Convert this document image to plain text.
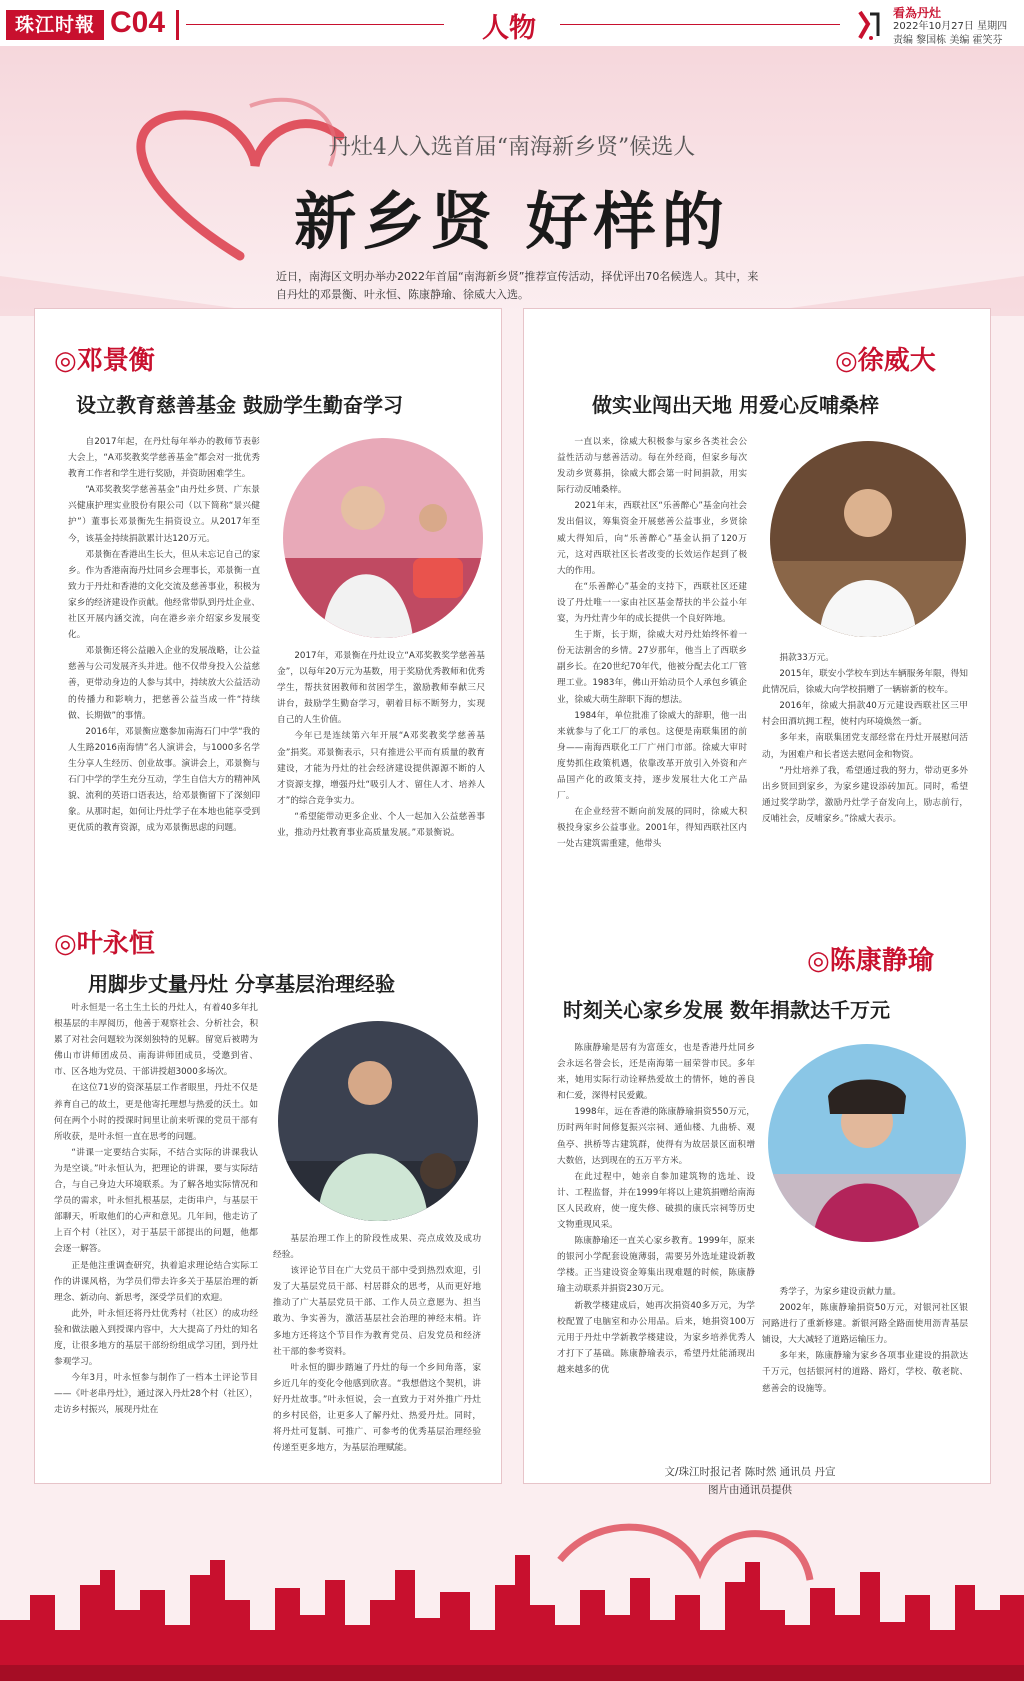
珠江时報 C04	人物	看為丹灶
2022年10月27日 星期四
责编 黎国栋 美编 霍笑芬
丹灶4人入选首届“南海新乡贤”候选人
新乡贤 好样的
近日，南海区文明办举办2022年首届“南海新乡贤”推荐宣传活动，择优评出70名候选人。其中，来自丹灶的邓景衡、叶永恒、陈康静瑜、徐威大入选。
◎邓景衡
设立教育慈善基金 鼓励学生勤奋学习

自2017年起，在丹灶每年举办的教师节表彰大会上，“A邓奖教奖学慈善基金”都会对一批优秀教育工作者和学生进行奖励，并资助困难学生。

“A邓奖教奖学慈善基金”由丹灶乡贤、广东景兴健康护理实业股份有限公司（以下简称“景兴健护”）董事长邓景衡先生捐资设立。从2017年至今，该基金持续捐款累计达120万元。

邓景衡在香港出生长大，但从未忘记自己的家乡。作为香港南海丹灶同乡会理事长，邓景衡一直致力于丹灶和香港的文化交流及慈善事业，积极为家乡的经济建设作贡献。他经常带队到丹灶企业、社区开展内涵交流，向在港乡亲介绍家乡发展变化。

邓景衡还将公益融入企业的发展战略，让公益慈善与公司发展齐头并进。他不仅带身投入公益慈善，更带动身边的人参与其中，持续放大公益活动的传播力和影响力，把慈善公益当成一件“持续做、长期做”的事情。

2016年，邓景衡应邀参加南海石门中学“我的人生路2016南海情”名人演讲会，与1000多名学生分享人生经历、创业故事。演讲会上，邓景衡与石门中学的学生充分互动，学生自信大方的精神风貌、流利的英语口语表达，给邓景衡留下了深刻印象。从那时起，如何让丹灶学子在本地也能享受到更优质的教育资源，成为邓景衡思虑的问题。

2017年，邓景衡在丹灶设立“A邓奖教奖学慈善基金”，以每年20万元为基数，用于奖励优秀教师和优秀学生，帮扶贫困教师和贫困学生，激励教师奉献三尺讲台，鼓励学生勤奋学习，朝着目标不断努力，实现自己的人生价值。

今年已是连续第六年开展“A邓奖教奖学慈善基金”捐奖。邓景衡表示，只有推进公平而有质量的教育建设，才能为丹灶的社会经济建设提供源源不断的人才资源支撑，增强丹灶“吸引人才、留住人才、培养人才”的综合竞争实力。

“希望能带动更多企业、个人一起加入公益慈善事业，推动丹灶教育事业高质量发展。”邓景衡说。

◎徐威大
做实业闯出天地 用爱心反哺桑梓

一直以来，徐威大积极参与家乡各类社会公益性活动与慈善活动。每在外经商，但家乡每次发动乡贤募捐，徐威大都会第一时间捐款，用实际行动反哺桑梓。

2021年末，西联社区“乐善醉心”基金向社会发出倡议，筹集资金开展慈善公益事业，乡贤徐威大得知后，向“乐善醉心”基金认捐了120万元，这对西联社区长者改变的长效运作起到了极大的作用。

在“乐善醉心”基金的支持下，西联社区还建设了丹灶唯一一家由社区基金帮扶的半公益小年宴，为丹灶青少年的成长提供一个良好阵地。

生于斯，长于斯，徐威大对丹灶始终怀着一份无法割舍的乡情。27岁那年，他当上了西联乡副乡长。在20世纪70年代，他被分配去化工厂管理工业。1983年，佛山开始动员个人承包乡镇企业，徐威大萌生辞职下海的想法。

1984年，单位批准了徐威大的辞职，他一出来就参与了化工厂的承包。这便是南联集团的前身——南海西联化工厂广州门市部。徐威大审时度势抓住政策机遇，依靠改革开放引入外资和产品国产化的政策支持，逐步发展壮大化工产品厂。

在企业经营不断向前发展的同时，徐威大积极投身家乡公益事业。2001年，得知西联社区内一处古建筑需重建，他带头

捐款33万元。

2015年，联安小学校车到达车辆服务年限，得知此情况后，徐威大向学校捐赠了一辆崭新的校车。

2016年，徐威大捐款40万元建设西联社区三甲村会田酒坑拥工程，使村内环境焕然一新。

多年来，南联集团党支部经常在丹灶开展慰问活动，为困难户和长者送去慰问金和物资。

“丹灶培养了我，希望通过我的努力，带动更多外出乡贤回到家乡，为家乡建设添砖加瓦。同时，希望通过奖学助学，激励丹灶学子奋发向上，励志前行，反哺社会，反哺家乡。”徐威大表示。

◎叶永恒
用脚步丈量丹灶 分享基层治理经验

叶永恒是一名土生土长的丹灶人，有着40多年扎根基层的丰厚阅历，他善于观察社会、分析社会，积累了对社会问题较为深刻独特的见解。留宽后被聘为佛山市讲师团成员、南海讲师团成员，受邀到省、市、区各地为党员、干部讲授超3000多场次。

在这位71岁的资深基层工作者眼里，丹灶不仅是养育自己的故土，更是他寄托理想与热爱的沃土。如何在两个小时的授课时间里让前来听课的党员干部有所收获，是叶永恒一直在思考的问题。

“讲课一定要结合实际，不结合实际的讲课我认为是空谈。”叶永恒认为，把理论的讲课，要与实际结合，与自己身边大环境联系。为了解各地实际情况和学员的需求，叶永恒扎根基层，走街串户，与基层干部聊天，听取他们的心声和意见。几年间，他走访了上百个村（社区），对于基层干部提出的问题，他都会逐一解答。

正是他注重调查研究，执着追求理论结合实际工作的讲课风格，为学员们带去许多关于基层治理的新理念、新动向、新思考，深受学员们的欢迎。

此外，叶永恒还将丹灶优秀村（社区）的成功经验和做法融入到授课内容中，大大提高了丹灶的知名度，让很多地方的基层干部纷纷组成学习团，到丹灶参观学习。

今年3月，叶永恒参与制作了一档本土评论节目——《叶老串丹灶》，通过深入丹灶28个村（社区），走访乡村振兴，展现丹灶在

基层治理工作上的阶段性成果、亮点成效及成功经验。

该评论节目在广大党员干部中受到热烈欢迎，引发了大基层党员干部、村居群众的思考，从而更好地推动了广大基层党员干部、工作人员立意愿为、担当敢为、争实善为，激活基层社会治理的神经末梢。许多地方还将这个节目作为教育党员、启发党员和经济社干部的参考资料。

叶永恒的脚步踏遍了丹灶的每一个乡间角落，家乡近几年的变化令他感到欣喜。“我想借这个契机，讲好丹灶故事。”叶永恒说，会一直致力于对外推广丹灶的乡村民俗，让更多人了解丹灶、热爱丹灶。同时，将丹灶可复制、可推广、可参考的优秀基层治理经验传递至更多地方，为基层治理赋能。

◎陈康静瑜
时刻关心家乡发展 数年捐款达千万元

陈康静瑜是居有为富莲女，也是香港丹灶同乡会永远名誉会长，还是南海第一届荣誉市民。多年来，她用实际行动诠释热爱故土的情怀，她的善良和仁爱，深得村民爱戴。

1998年，远在香港的陈康静瑜捐资550万元，历时两年时间修复振兴宗祠、通仙楼、九曲桥、观鱼亭、拱桥等古建筑群，使得有为故居景区面积增大数倍，达到现在的五万平方米。

在此过程中，她亲自参加建筑物的选址、设计、工程监督，并在1999年将以上建筑捐赠给南海区人民政府，使一度失修、破损的康氏宗祠等历史文物重现风采。

陈康静瑜还一直关心家乡教育。1999年，原来的银河小学配套设施薄弱，需要另外选址建设新教学楼。正当建设资金筹集出现难题的时候，陈康静瑜主动联系并捐资230万元。

新教学楼建成后，她再次捐资40多万元，为学校配置了电脑室和办公用品。后来，她捐资100万元用于丹灶中学新教学楼建设，为家乡培养优秀人才打下了基础。陈康静瑜表示，希望丹灶能涌现出越来越多的优

秀学子，为家乡建设贡献力量。

2002年，陈康静瑜捐资50万元，对银河社区银河路进行了重新修建。新银河路全路面使用沥青基层铺设，大大减轻了道路运输压力。

多年来，陈康静瑜为家乡各项事业建设的捐款达千万元，包括银河村的道路、路灯，学校、敬老院、慈善会的设施等。

文/珠江时报记者 陈时然 通讯员 丹宣
图片由通讯员提供
